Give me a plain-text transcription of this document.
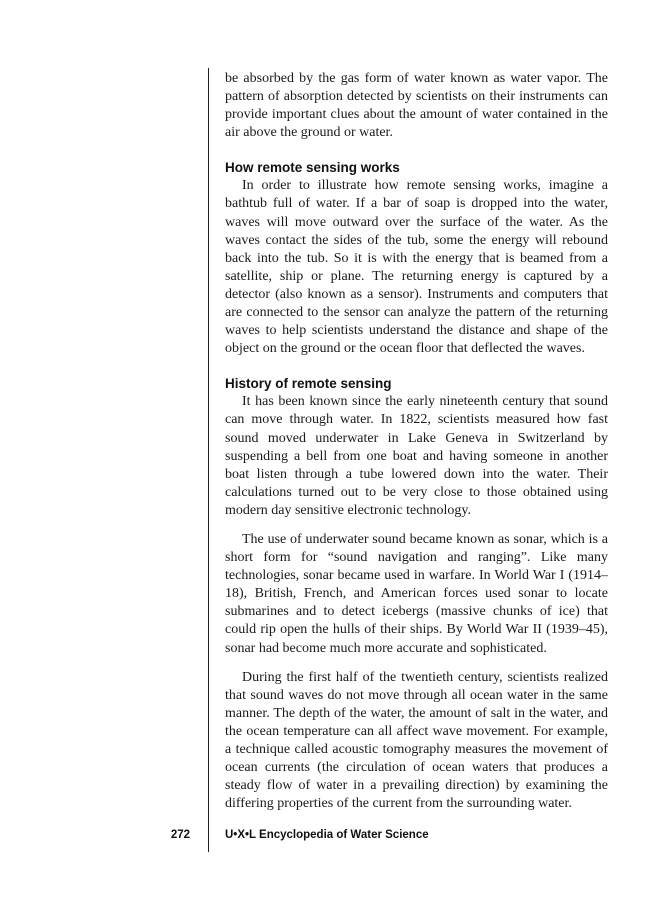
be absorbed by the gas form of water known as water vapor. The pattern of absorption detected by scientists on their instruments can provide important clues about the amount of water contained in the air above the ground or water.

How remote sensing works

In order to illustrate how remote sensing works, imagine a bathtub full of water. If a bar of soap is dropped into the water, waves will move outward over the surface of the water. As the waves contact the sides of the tub, some the energy will rebound back into the tub. So it is with the energy that is beamed from a satellite, ship or plane. The returning energy is captured by a detector (also known as a sensor). Instruments and computers that are connected to the sensor can analyze the pattern of the returning waves to help scientists understand the distance and shape of the object on the ground or the ocean floor that deflected the waves.

History of remote sensing

It has been known since the early nineteenth century that sound can move through water. In 1822, scientists measured how fast sound moved underwater in Lake Geneva in Switzerland by suspending a bell from one boat and having someone in another boat listen through a tube lowered down into the water. Their calculations turned out to be very close to those obtained using modern day sensitive electronic technology.

The use of underwater sound became known as sonar, which is a short form for “sound navigation and ranging”. Like many technologies, sonar became used in warfare. In World War I (1914–18), British, French, and American forces used sonar to locate submarines and to detect icebergs (massive chunks of ice) that could rip open the hulls of their ships. By World War II (1939–45), sonar had become much more accurate and sophisticated.

During the first half of the twentieth century, scientists realized that sound waves do not move through all ocean water in the same manner. The depth of the water, the amount of salt in the water, and the ocean temperature can all affect wave movement. For example, a technique called acoustic tomography measures the movement of ocean currents (the circulation of ocean waters that produces a steady flow of water in a prevailing direction) by examining the differing properties of the current from the surrounding water.

272	U•X•L Encyclopedia of Water Science
